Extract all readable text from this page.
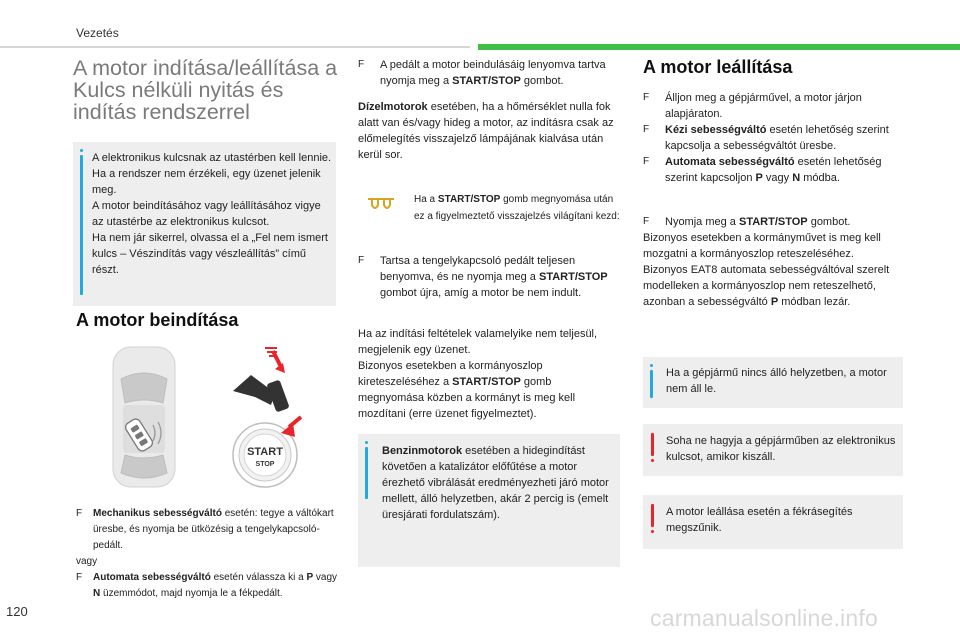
Vezetés
A motor indítása/leállítása a Kulcs nélküli nyitás és indítás rendszerrel
A elektronikus kulcsnak az utastérben kell lennie.
Ha a rendszer nem érzékeli, egy üzenet jelenik meg.
A motor beindításához vagy leállításához vigye az utastérbe az elektronikus kulcsot.
Ha nem jár sikerrel, olvassa el a „Fel nem ismert kulcs – Vészindítás vagy vészleállítás” című részt.
A motor beindítása
START
STOP

F Mechanikus sebességváltó esetén: tegye a váltókart üresbe, és nyomja be ütközésig a tengelykapcsoló-pedált.

vagy

F Automata sebességváltó esetén válassza ki a P vagy N üzemmódot, majd nyomja le a fékpedált.

F A pedált a motor beindulásáig lenyomva tartva nyomja meg a START/STOP gombot.

Dízelmotorok esetében, ha a hőmérséklet nulla fok alatt van és/vagy hideg a motor, az indításra csak az előmelegítés visszajelző lámpájának kialvása után kerül sor.

Ha a START/STOP gomb megnyomása után ez a figyelmeztető visszajelzés világítani kezd:

F Tartsa a tengelykapcsoló pedált teljesen benyomva, és ne nyomja meg a START/STOP gombot újra, amíg a motor be nem indult.

Ha az indítási feltételek valamelyike nem teljesül, megjelenik egy üzenet.

Bizonyos esetekben a kormányoszlop kireteszeléséhez a START/STOP gomb megnyomása közben a kormányt is meg kell mozdítani (erre üzenet figyelmeztet).

Benzinmotorok esetében a hidegindítást követően a katalizátor előfűtése a motor érezhető vibrálását eredményezheti járó motor mellett, álló helyzetben, akár 2 percig is (emelt üresjárati fordulatszám).
A motor leállítása

F Álljon meg a gépjárművel, a motor járjon alapjáraton.

F Kézi sebességváltó esetén lehetőség szerint kapcsolja a sebességváltót üresbe.

F Automata sebességváltó esetén lehetőség szerint kapcsoljon P vagy N módba.

F Nyomja meg a START/STOP gombot.

Bizonyos esetekben a kormányművet is meg kell mozgatni a kormányoszlop reteszeléséhez.
Bizonyos EAT8 automata sebességváltóval szerelt modelleken a kormányoszlop nem reteszelhető, azonban a sebességváltó P módban lezár.
Ha a gépjármű nincs álló helyzetben, a motor nem áll le.
Soha ne hagyja a gépjárműben az elektronikus kulcsot, amikor kiszáll.
A motor leállása esetén a fékrásegítés megszűnik.
120	carmanualsonline.info
